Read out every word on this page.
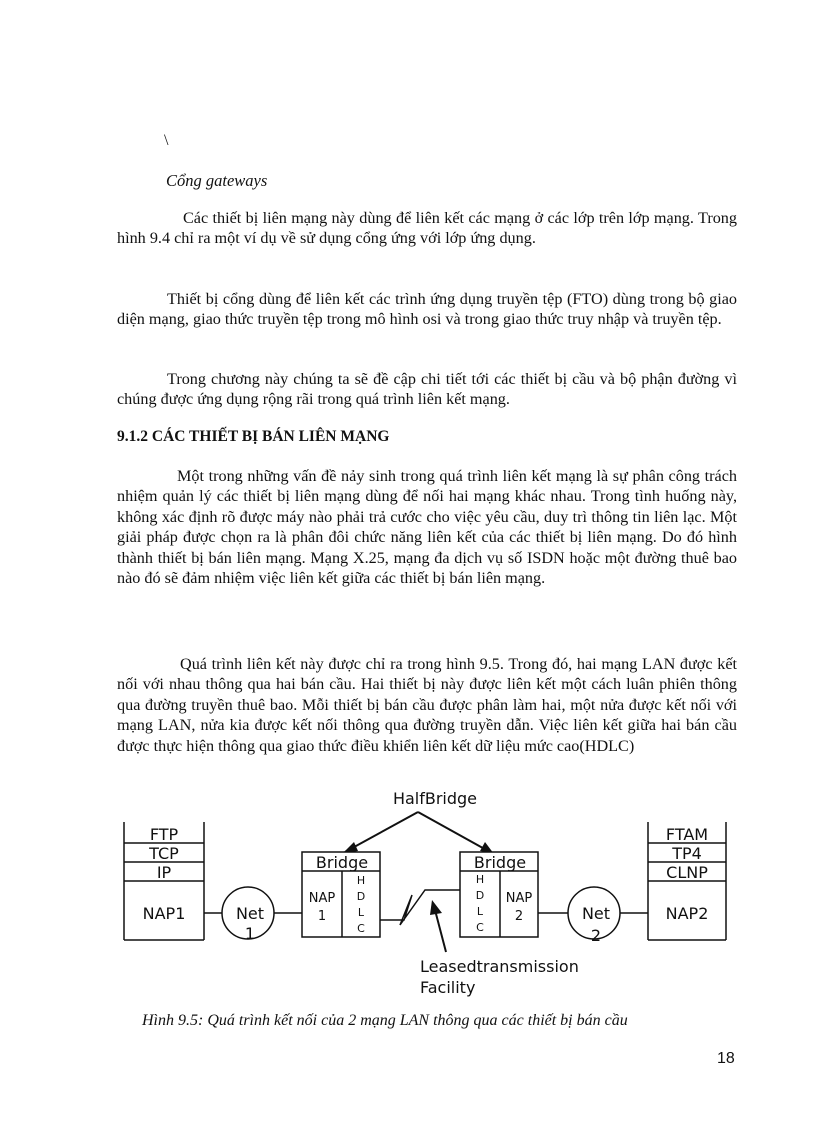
\
Cổng gateways

Các thiết bị liên mạng này dùng để liên kết các mạng ở các lớp trên lớp mạng. Trong hình 9.4 chỉ ra một ví dụ về sử dụng cổng ứng với lớp ứng dụng.

Thiết bị cổng dùng để liên kết các trình ứng dụng truyền tệp (FTO) dùng trong bộ giao diện mạng, giao thức truyền tệp trong mô hình osi và trong giao thức truy nhập và truyền tệp.

Trong chương này chúng ta sẽ đề cập chi tiết tới các thiết bị cầu và bộ phận đường vì chúng được ứng dụng rộng rãi trong quá trình liên kết mạng.

9.1.2 CÁC THIẾT BỊ BÁN LIÊN MẠNG

Một trong những vấn đề nảy sinh trong quá trình liên kết mạng là sự phân công trách nhiệm quản lý các thiết bị liên mạng dùng để nối hai mạng khác nhau. Trong tình huống này, không xác định rõ được máy nào phải trả cước cho việc yêu cầu, duy trì thông tin liên lạc. Một giải pháp được chọn ra là phân đôi chức năng liên kết của các thiết bị liên mạng. Do đó hình thành thiết bị bán liên mạng. Mạng X.25, mạng đa dịch vụ số ISDN hoặc một đường thuê bao nào đó sẽ đảm nhiệm việc liên kết giữa các thiết bị bán liên mạng.

Quá trình liên kết này được chỉ ra trong hình 9.5. Trong đó, hai mạng LAN được kết nối với nhau thông qua hai bán cầu. Hai thiết bị này được liên kết một cách luân phiên thông qua đường truyền thuê bao. Mỗi thiết bị bán cầu được phân làm hai, một nửa được kết nối với mạng LAN, nửa kia được kết nối thông qua đường truyền dẫn. Việc liên kết giữa hai bán cầu được thực hiện thông qua giao thức điều khiển liên kết dữ liệu mức cao(HDLC)

HalfBridge
FTP
TCP
IP
NAP1	Net
1
Bridge
NAP
1
H
D
L
C
Bridge
H
D
L
C
NAP
2	Net
2
FTAM
TP4
CLNP
NAP2
Leasedtransmission
Facility
Hình 9.5: Quá trình kết nối của 2 mạng LAN thông qua các thiết bị bán cầu
18
